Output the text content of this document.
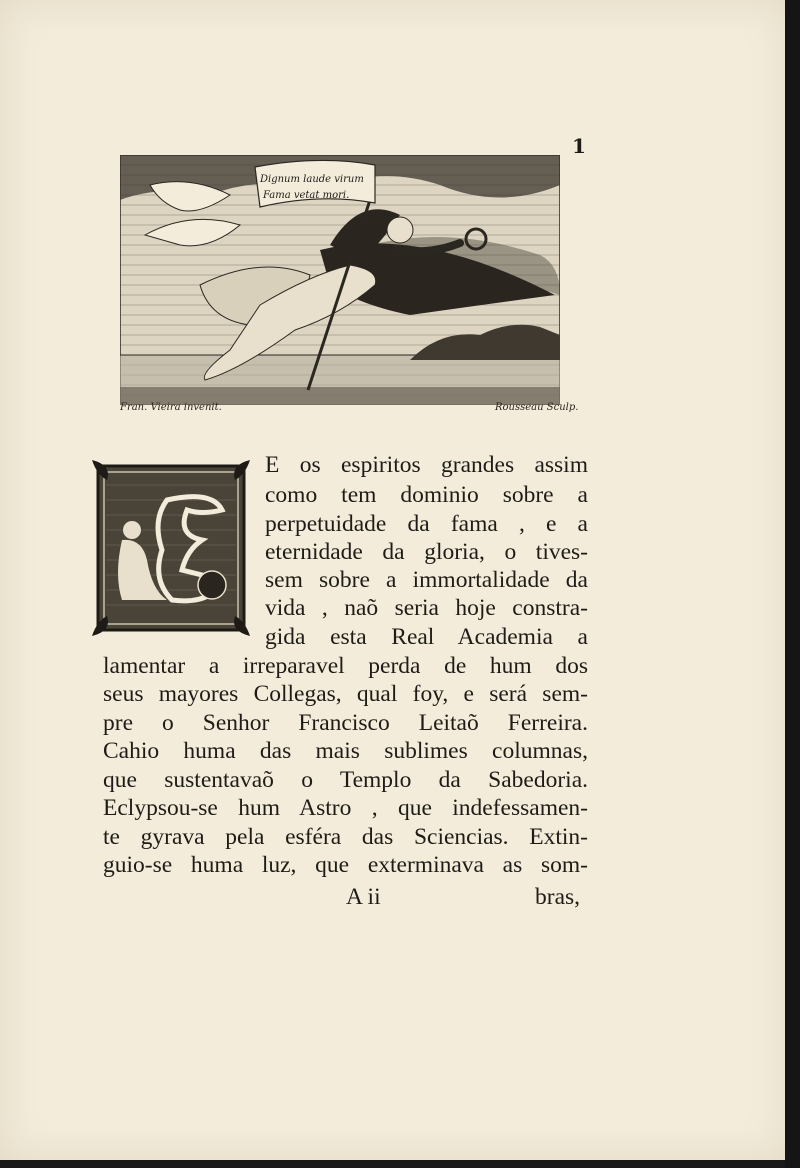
1
Dignum laude virum
Fama vetat mori.
Fran. Vieira invenit.	Rousseau Sculp.
E os espiritos grandes assim
como tem dominio sobre a
perpetuidade da fama , e a
eternidade da gloria, o tives-
sem sobre a immortalidade da
vida , naõ seria hoje constra-
gida esta Real Academia a
lamentar a irreparavel perda de hum dos
seus mayores Collegas, qual foy, e será sem-
pre o Senhor Francisco Leitaõ Ferreira.
Cahio huma das mais sublimes columnas,
que sustentavaõ o Templo da Sabedoria.
Eclypsou-se hum Astro , que indefessamen-
te gyrava pela esféra das Sciencias. Extin-
guio-se huma luz, que exterminava as som-
A ii	bras,
